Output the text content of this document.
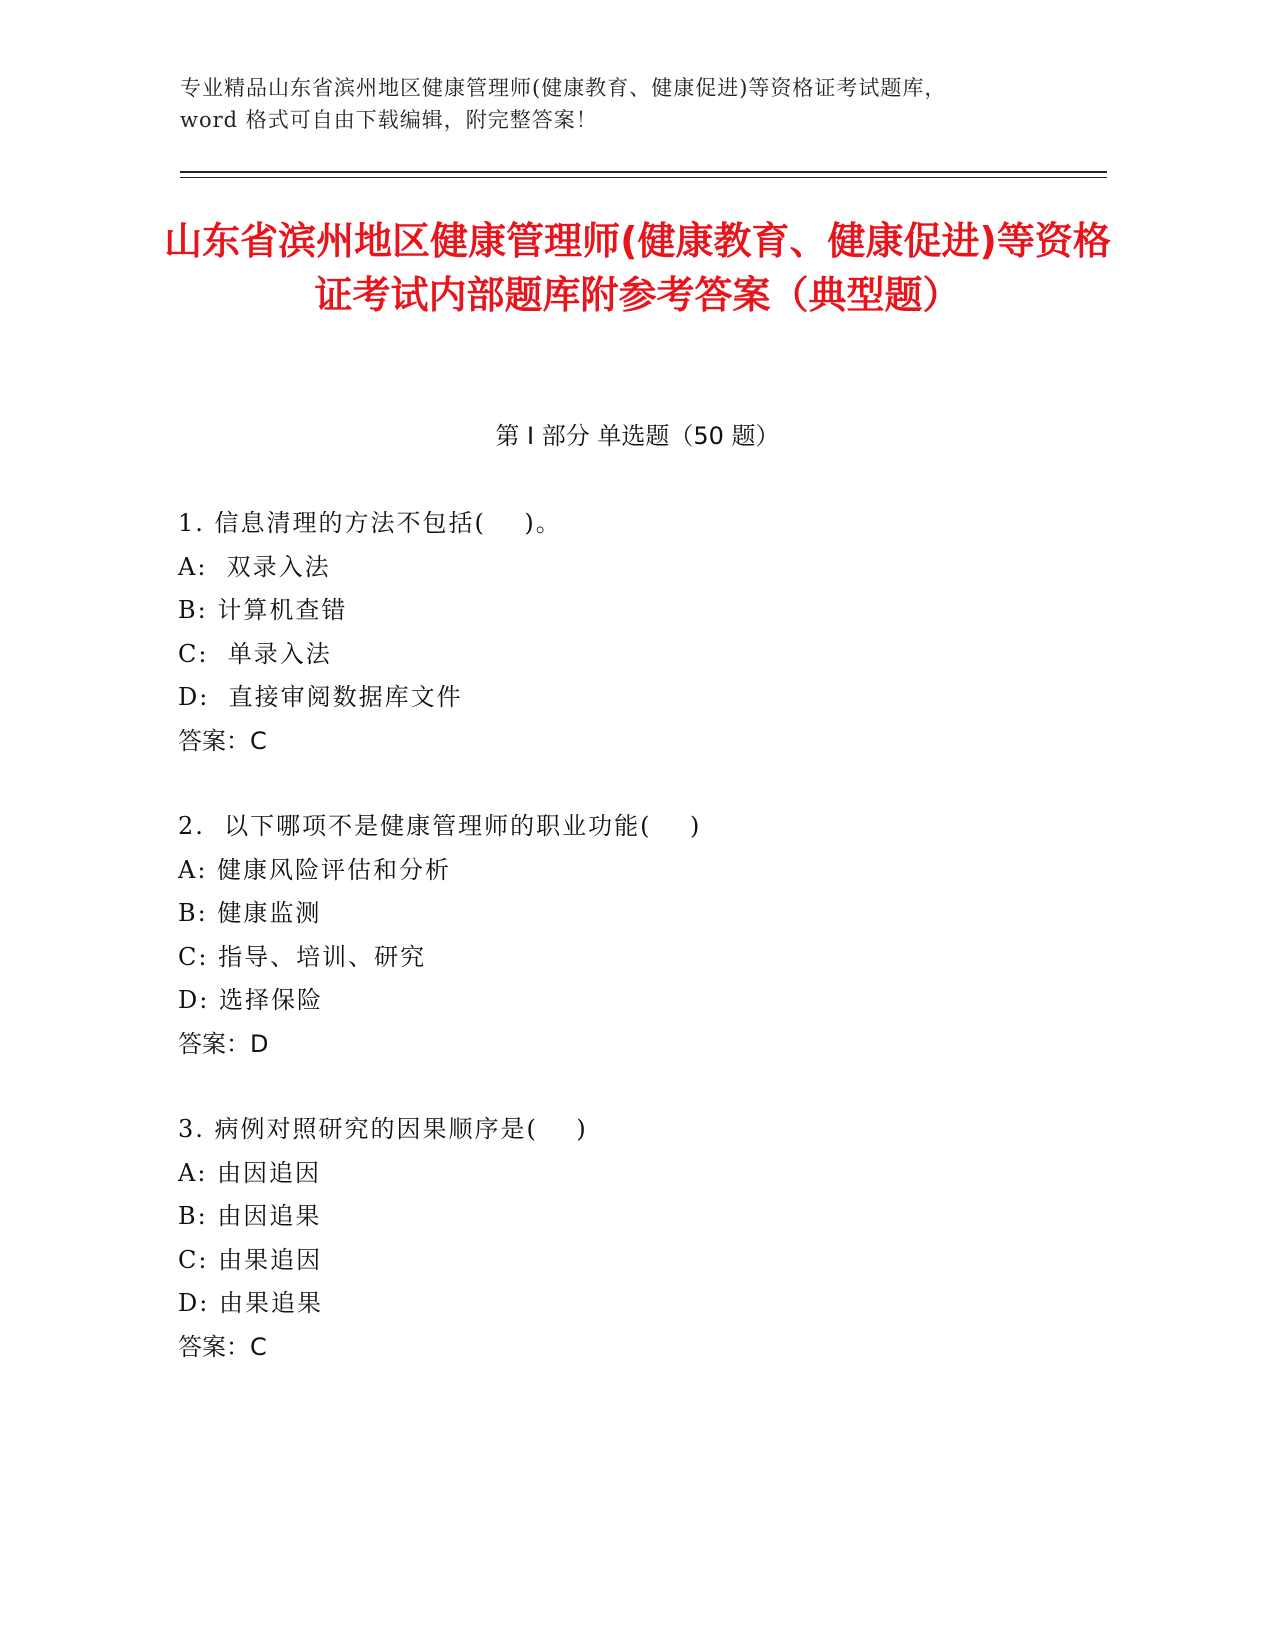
专业精品山东省滨州地区健康管理师(健康教育、健康促进)等资格证考试题库，
word 格式可自由下载编辑，附完整答案！
山东省滨州地区健康管理师(健康教育、健康促进)等资格证考试内部题库附参考答案（典型题）
第 I 部分 单选题（50 题）
1. 信息清理的方法不包括(    )。
A:  双录入法
B: 计算机查错
C:  单录入法
D:  直接审阅数据库文件
答案：C
2.  以下哪项不是健康管理师的职业功能(    )
A: 健康风险评估和分析
B: 健康监测
C: 指导、培训、研究
D: 选择保险
答案：D
3. 病例对照研究的因果顺序是(    )
A: 由因追因
B: 由因追果
C: 由果追因
D: 由果追果
答案：C
